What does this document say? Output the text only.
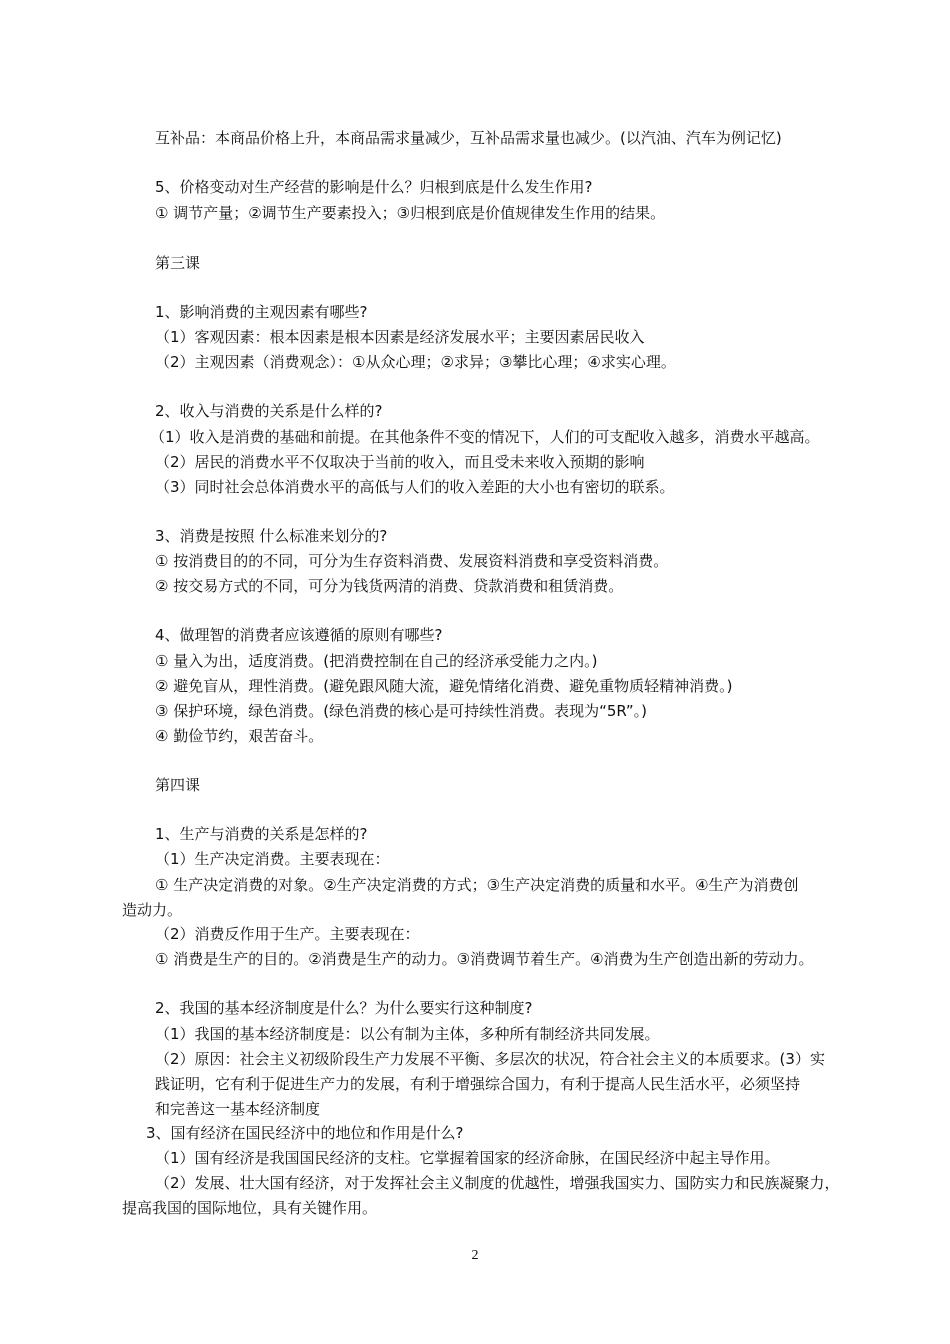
互补品：本商品价格上升，本商品需求量减少，互补品需求量也减少。(以汽油、汽车为例记忆)
5、价格变动对生产经营的影响是什么？归根到底是什么发生作用?
① 调节产量；②调节生产要素投入；③归根到底是价值规律发生作用的结果。
第三课
1、影响消费的主观因素有哪些?
（1）客观因素：根本因素是根本因素是经济发展水平；主要因素居民收入
（2）主观因素（消费观念）：①从众心理；②求异；③攀比心理；④求实心理。
2、收入与消费的关系是什么样的?
（1）收入是消费的基础和前提。在其他条件不变的情况下，人们的可支配收入越多，消费水平越高。
（2）居民的消费水平不仅取决于当前的收入，而且受未来收入预期的影响
（3）同时社会总体消费水平的高低与人们的收入差距的大小也有密切的联系。
3、消费是按照 什么标准来划分的?
① 按消费目的的不同，可分为生存资料消费、发展资料消费和享受资料消费。
② 按交易方式的不同，可分为钱货两清的消费、贷款消费和租赁消费。
4、做理智的消费者应该遵循的原则有哪些?
① 量入为出，适度消费。(把消费控制在自己的经济承受能力之内。)
② 避免盲从，理性消费。(避免跟风随大流，避免情绪化消费、避免重物质轻精神消费。)
③ 保护环境，绿色消费。(绿色消费的核心是可持续性消费。表现为“5R”。)
④ 勤俭节约，艰苦奋斗。
第四课
1、生产与消费的关系是怎样的?
（1）生产决定消费。主要表现在：
① 生产决定消费的对象。②生产决定消费的方式；③生产决定消费的质量和水平。④生产为消费创
造动力。
（2）消费反作用于生产。主要表现在：
① 消费是生产的目的。②消费是生产的动力。③消费调节着生产。④消费为生产创造出新的劳动力。
2、我国的基本经济制度是什么？为什么要实行这种制度?
（1）我国的基本经济制度是：以公有制为主体，多种所有制经济共同发展。
（2）原因：社会主义初级阶段生产力发展不平衡、多层次的状况，符合社会主义的本质要求。(3）实
践证明，它有利于促进生产力的发展，有利于增强综合国力，有利于提高人民生活水平，必须坚持
和完善这一基本经济制度
3、国有经济在国民经济中的地位和作用是什么?
（1）国有经济是我国国民经济的支柱。它掌握着国家的经济命脉，在国民经济中起主导作用。
（2）发展、壮大国有经济，对于发挥社会主义制度的优越性，增强我国实力、国防实力和民族凝聚力，
提高我国的国际地位，具有关键作用。
2
